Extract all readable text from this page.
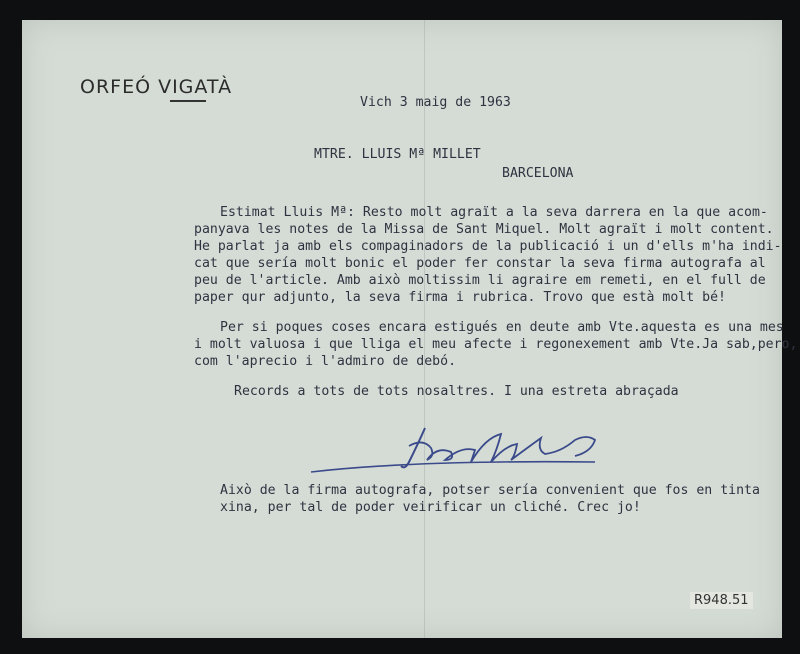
ORFEÓ VIGATÀ
Vich 3 maig de 1963
MTRE. LLUIS Mª MILLET
BARCELONA
Estimat Lluis Mª: Resto molt agraït a la seva darrera en la que acom-
panyava les notes de la Missa de Sant Miquel. Molt agraït i molt content.
He parlat ja amb els compaginadors de la publicació i un d'ells m'ha indi-
cat que sería molt bonic el poder fer constar la seva firma autografa al
peu de l'article. Amb això moltissim li agraire em remeti, en el full de
paper qur adjunto, la seva firma i rubrica. Trovo que està molt bé!
Per si poques coses encara estigués en deute amb Vte.aquesta es una mes
i molt valuosa i que lliga el meu afecte i regonexement amb Vte.Ja sab,pero,
com l'aprecio i l'admiro de debó.
Records a tots de tots nosaltres. I una estreta abraçada
Això de la firma autografa, potser sería convenient que fos en tinta
xina, per tal de poder veirificar un cliché. Crec jo!
R948.51
